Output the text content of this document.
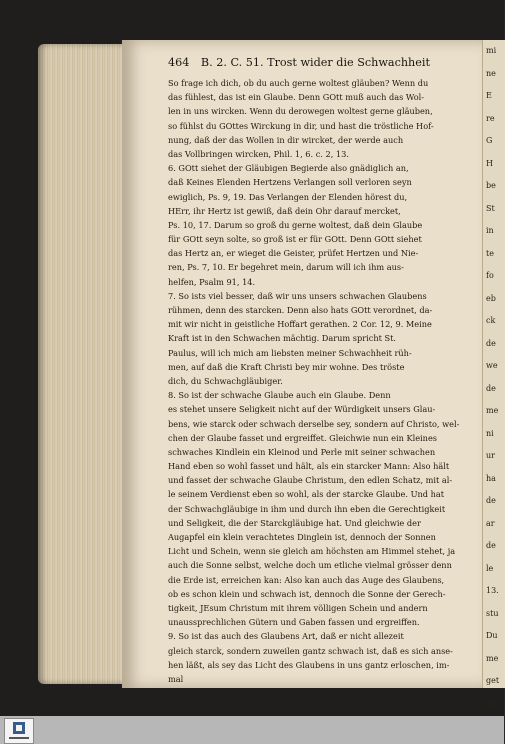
mi
ne
E
re
G
H
be
St
in
te
fo
eb
ck
de
we
de
me
ni
ur
ha
de
ar
de
le
13.
stu
Du
me
get
de
464 B. 2. C. 51. Trost wider die Schwachheit
So frage ich dich, ob du auch gerne woltest gläuben? Wenn du
das fühlest, das ist ein Glaube. Denn GOtt muß auch das Wol-
len in uns wircken. Wenn du derowegen woltest gerne gläuben,
so fühlst du GOttes Wirckung in dir, und hast die tröstliche Hof-
nung, daß der das Wollen in dir wircket, der werde auch
das Vollbringen wircken, Phil. 1, 6. c. 2, 13.
6. GOtt siehet der Gläubigen Begierde also gnädiglich an,
daß Keines Elenden Hertzens Verlangen soll verloren seyn
ewiglich, Ps. 9, 19. Das Verlangen der Elenden hörest du,
HErr, ihr Hertz ist gewiß, daß dein Ohr darauf mercket,
Ps. 10, 17. Darum so groß du gerne woltest, daß dein Glaube
für GOtt seyn solte, so groß ist er für GOtt. Denn GOtt siehet
das Hertz an, er wieget die Geister, prüfet Hertzen und Nie-
ren, Ps. 7, 10. Er begehret mein, darum will ich ihm aus-
helfen, Psalm 91, 14.
7. So ists viel besser, daß wir uns unsers schwachen Glaubens
rühmen, denn des starcken. Denn also hats GOtt verordnet, da-
mit wir nicht in geistliche Hoffart gerathen. 2 Cor. 12, 9. Meine
Kraft ist in den Schwachen mächtig. Darum spricht St.
Paulus, will ich mich am liebsten meiner Schwachheit rüh-
men, auf daß die Kraft Christi bey mir wohne. Des tröste
dich, du Schwachgläubiger.
8. So ist der schwache Glaube auch ein Glaube. Denn
es stehet unsere Seligkeit nicht auf der Würdigkeit unsers Glau-
bens, wie starck oder schwach derselbe sey, sondern auf Christo, wel-
chen der Glaube fasset und ergreiffet. Gleichwie nun ein Kleines
schwaches Kindlein ein Kleinod und Perle mit seiner schwachen
Hand eben so wohl fasset und hält, als ein starcker Mann: Also hält
und fasset der schwache Glaube Christum, den edlen Schatz, mit al-
le seinem Verdienst eben so wohl, als der starcke Glaube. Und hat
der Schwachgläubige in ihm und durch ihn eben die Gerechtigkeit
und Seligkeit, die der Starckgläubige hat. Und gleichwie der
Augapfel ein klein verachtetes Dinglein ist, dennoch der Sonnen
Licht und Schein, wenn sie gleich am höchsten am Himmel stehet, ja
auch die Sonne selbst, welche doch um etliche vielmal grösser denn
die Erde ist, erreichen kan: Also kan auch das Auge des Glaubens,
ob es schon klein und schwach ist, dennoch die Sonne der Gerech-
tigkeit, JEsum Christum mit ihrem völligen Schein und andern
unaussprechlichen Gütern und Gaben fassen und ergreiffen.
9. So ist das auch des Glaubens Art, daß er nicht allezeit
gleich starck, sondern zuweilen gantz schwach ist, daß es sich anse-
hen läßt, als sey das Licht des Glaubens in uns gantz erloschen, im-
mal
